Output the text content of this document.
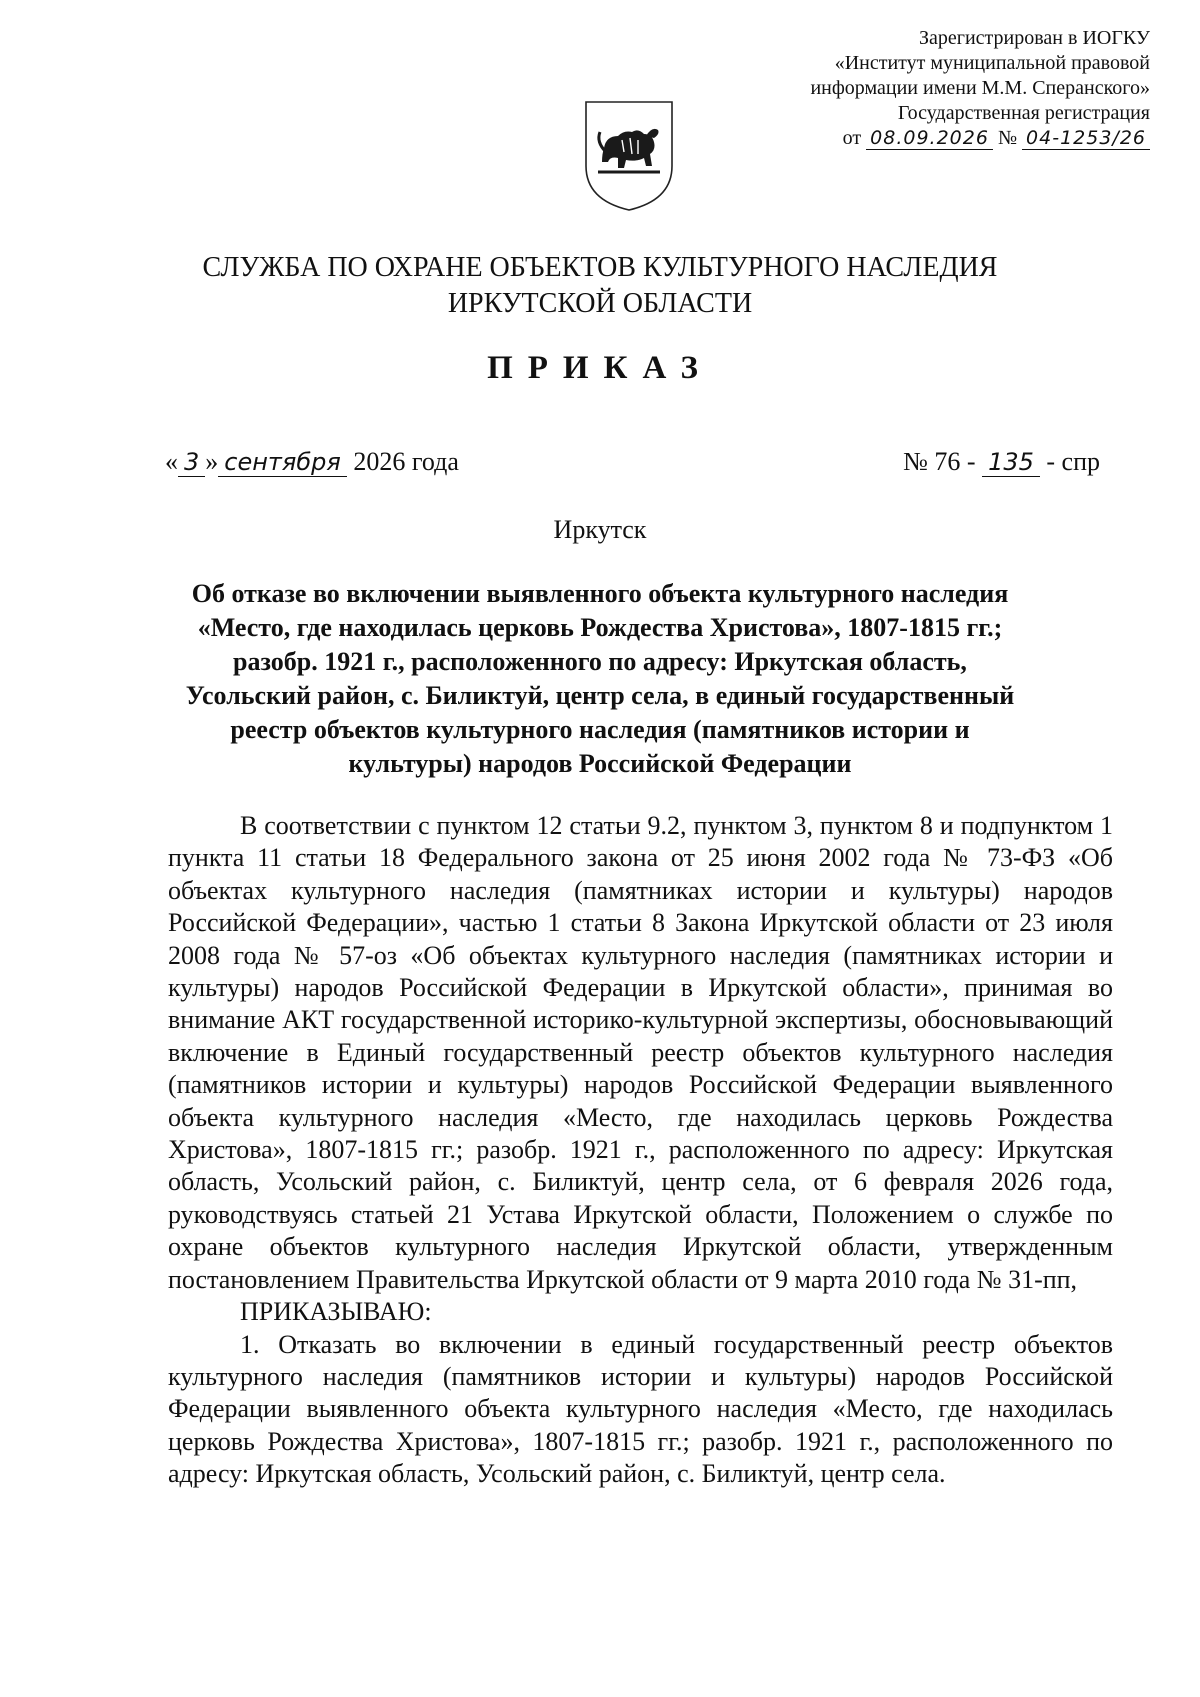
Зарегистрирован в ИОГКУ
«Институт муниципальной правовой
информации имени М.М. Сперанского»
Государственная регистрация
от 08.09.2026 № 04-1253/26
СЛУЖБА ПО ОХРАНЕ ОБЪЕКТОВ КУЛЬТУРНОГО НАСЛЕДИЯ
ИРКУТСКОЙ ОБЛАСТИ
ПРИКАЗ
« 3 » сентября 2026 года	№ 76 - 135 - спр
Иркутск
Об отказе во включении выявленного объекта культурного наследия
«Место, где находилась церковь Рождества Христова», 1807-1815 гг.;
разобр. 1921 г., расположенного по адресу: Иркутская область,
Усольский район, с. Биликтуй, центр села, в единый государственный
реестр объектов культурного наследия (памятников истории и
культуры) народов Российской Федерации

В соответствии с пунктом 12 статьи 9.2, пунктом 3, пунктом 8 и подпунктом 1 пункта 11 статьи 18 Федерального закона от 25 июня 2002 года № 73-ФЗ «Об объектах культурного наследия (памятниках истории и культуры) народов Российской Федерации», частью 1 статьи 8 Закона Иркутской области от 23 июля 2008 года № 57-оз «Об объектах культурного наследия (памятниках истории и культуры) народов Российской Федерации в Иркутской области», принимая во внимание АКТ государственной историко-культурной экспертизы, обосновывающий включение в Единый государственный реестр объектов культурного наследия (памятников истории и культуры) народов Российской Федерации выявленного объекта культурного наследия «Место, где находилась церковь Рождества Христова», 1807-1815 гг.; разобр. 1921 г., расположенного по адресу: Иркутская область, Усольский район, с. Биликтуй, центр села, от 6 февраля 2026 года, руководствуясь статьей 21 Устава Иркутской области, Положением о службе по охране объектов культурного наследия Иркутской области, утвержденным постановлением Правительства Иркутской области от 9 марта 2010 года № 31-пп,

ПРИКАЗЫВАЮ:

1. Отказать во включении в единый государственный реестр объектов культурного наследия (памятников истории и культуры) народов Российской Федерации выявленного объекта культурного наследия «Место, где находилась церковь Рождества Христова», 1807-1815 гг.; разобр. 1921 г., расположенного по адресу: Иркутская область, Усольский район, с. Биликтуй, центр села.
